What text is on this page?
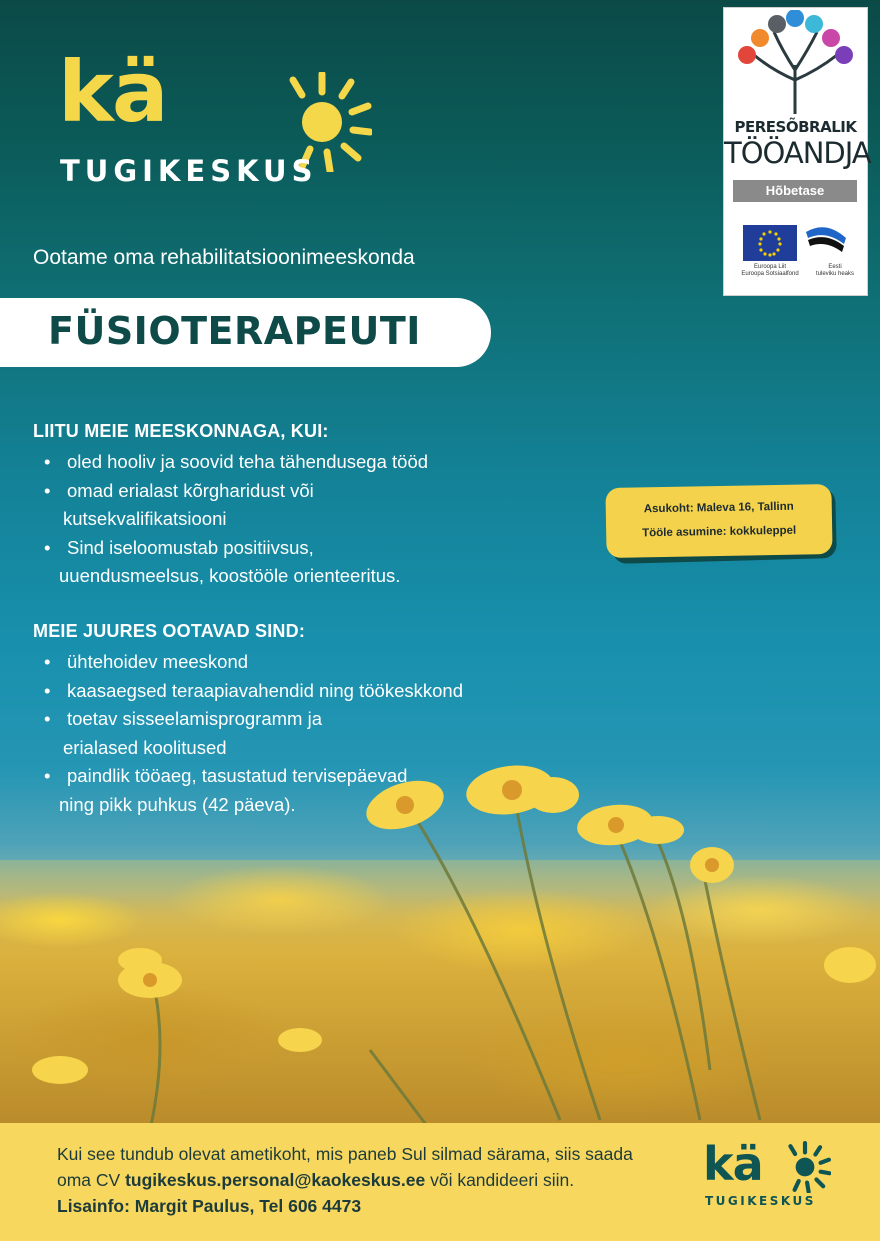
kä
TUGIKESKUS
PERESÕBRALIK
TÖÖANDJA
Hõbetase
Euroopa Liit
Euroopa Sotsiaalfond
Eesti
tuleviku heaks
Ootame oma rehabilitatsioonimeeskonda
FÜSIOTERAPEUTI
LIITU MEIE MEESKONNAGA, KUI:
• oled hooliv ja soovid teha tähendusega tööd
• omad erialast kõrgharidust või
kutsekvalifikatsiooni
• Sind iseloomustab positiivsus,
uuendusmeelsus, koostööle orienteeritus.
MEIE JUURES OOTAVAD SIND:
• ühtehoidev meeskond
• kaasaegsed teraapiavahendid ning töökeskkond
• toetav sisseelamisprogramm ja
erialased koolitused
• paindlik tööaeg, tasustatud tervisepäevad
ning pikk puhkus (42 päeva).
Asukoht: Maleva 16, Tallinn
Tööle asumine: kokkuleppel
Kui see tundub olevat ametikoht, mis paneb Sul silmad särama, siis saada
oma CV tugikeskus.personal@kaokeskus.ee või kandideeri siin.
Lisainfo: Margit Paulus, Tel 606 4473
kä
TUGIKESKUS
